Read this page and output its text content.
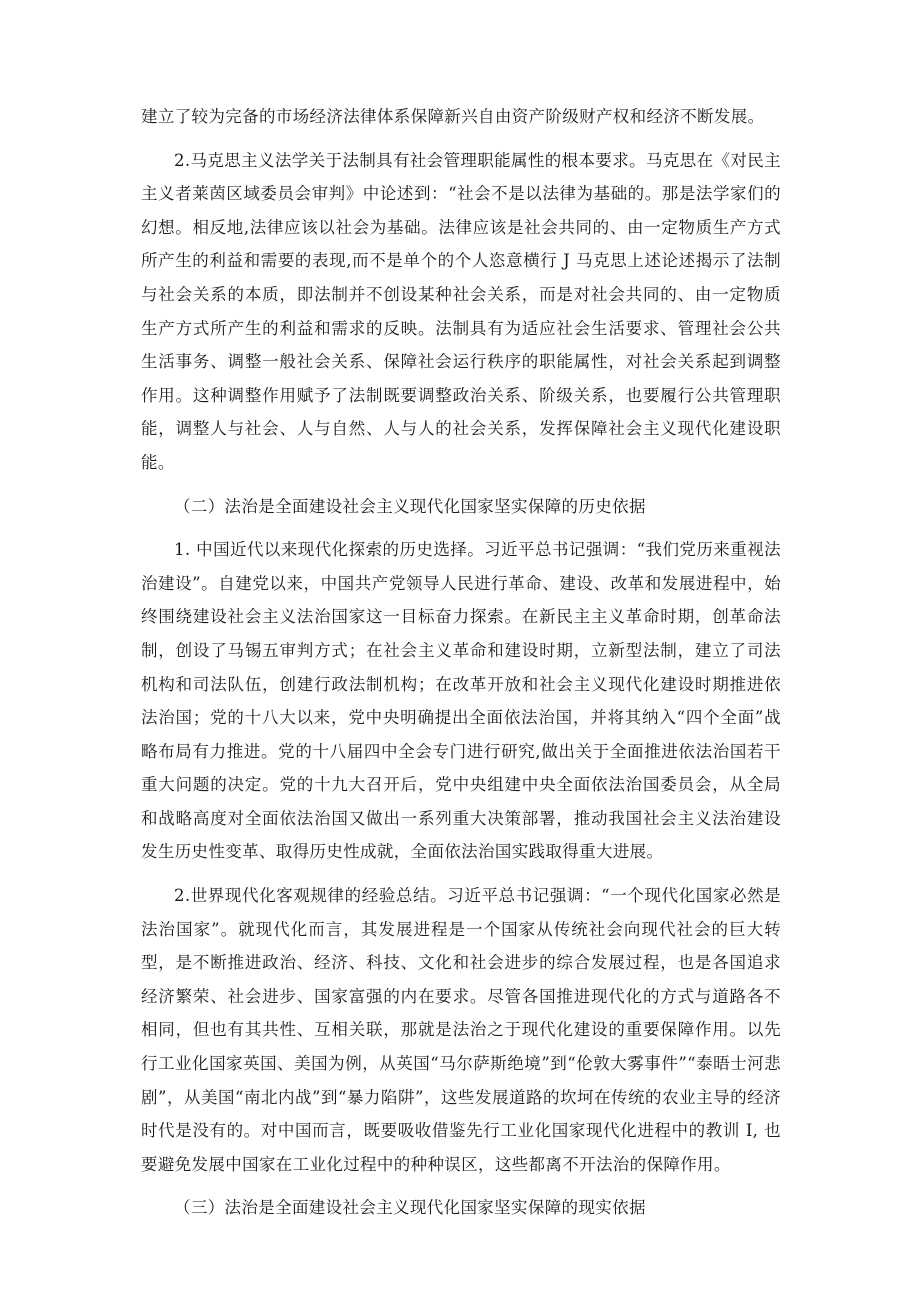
建立了较为完备的市场经济法律体系保障新兴自由资产阶级财产权和经济不断发展。

2.马克思主义法学关于法制具有社会管理职能属性的根本要求。马克思在《对民主主义者莱茵区域委员会审判》中论述到：“社会不是以法律为基础的。那是法学家们的幻想。相反地,法律应该以社会为基础。法律应该是社会共同的、由一定物质生产方式所产生的利益和需要的表现,而不是单个的个人恣意横行 J 马克思上述论述揭示了法制与社会关系的本质，即法制并不创设某种社会关系，而是对社会共同的、由一定物质生产方式所产生的利益和需求的反映。法制具有为适应社会生活要求、管理社会公共生活事务、调整一般社会关系、保障社会运行秩序的职能属性，对社会关系起到调整作用。这种调整作用赋予了法制既要调整政治关系、阶级关系，也要履行公共管理职能，调整人与社会、人与自然、人与人的社会关系，发挥保障社会主义现代化建设职能。

（二）法治是全面建设社会主义现代化国家坚实保障的历史依据

1. 中国近代以来现代化探索的历史选择。习近平总书记强调：“我们党历来重视法治建设”。自建党以来，中国共产党领导人民进行革命、建设、改革和发展进程中，始终围绕建设社会主义法治国家这一目标奋力探索。在新民主主义革命时期，创革命法制，创设了马锡五审判方式；在社会主义革命和建设时期，立新型法制，建立了司法机构和司法队伍，创建行政法制机构；在改革开放和社会主义现代化建设时期推进依法治国；党的十八大以来，党中央明确提出全面依法治国，并将其纳入“四个全面”战略布局有力推进。党的十八届四中全会专门进行研究,做出关于全面推进依法治国若干重大问题的决定。党的十九大召开后，党中央组建中央全面依法治国委员会，从全局和战略高度对全面依法治国又做出一系列重大决策部署，推动我国社会主义法治建设发生历史性变革、取得历史性成就，全面依法治国实践取得重大进展。

2.世界现代化客观规律的经验总结。习近平总书记强调：“一个现代化国家必然是法治国家”。就现代化而言，其发展进程是一个国家从传统社会向现代社会的巨大转型，是不断推进政治、经济、科技、文化和社会进步的综合发展过程，也是各国追求经济繁荣、社会进步、国家富强的内在要求。尽管各国推进现代化的方式与道路各不相同，但也有其共性、互相关联，那就是法治之于现代化建设的重要保障作用。以先行工业化国家英国、美国为例，从英国“马尔萨斯绝境”到“伦敦大雾事件”“泰晤士河悲剧”，从美国“南北内战”到“暴力陷阱”，这些发展道路的坎坷在传统的农业主导的经济时代是没有的。对中国而言，既要吸收借鉴先行工业化国家现代化进程中的教训 I, 也要避免发展中国家在工业化过程中的种种误区，这些都离不开法治的保障作用。

（三）法治是全面建设社会主义现代化国家坚实保障的现实依据
